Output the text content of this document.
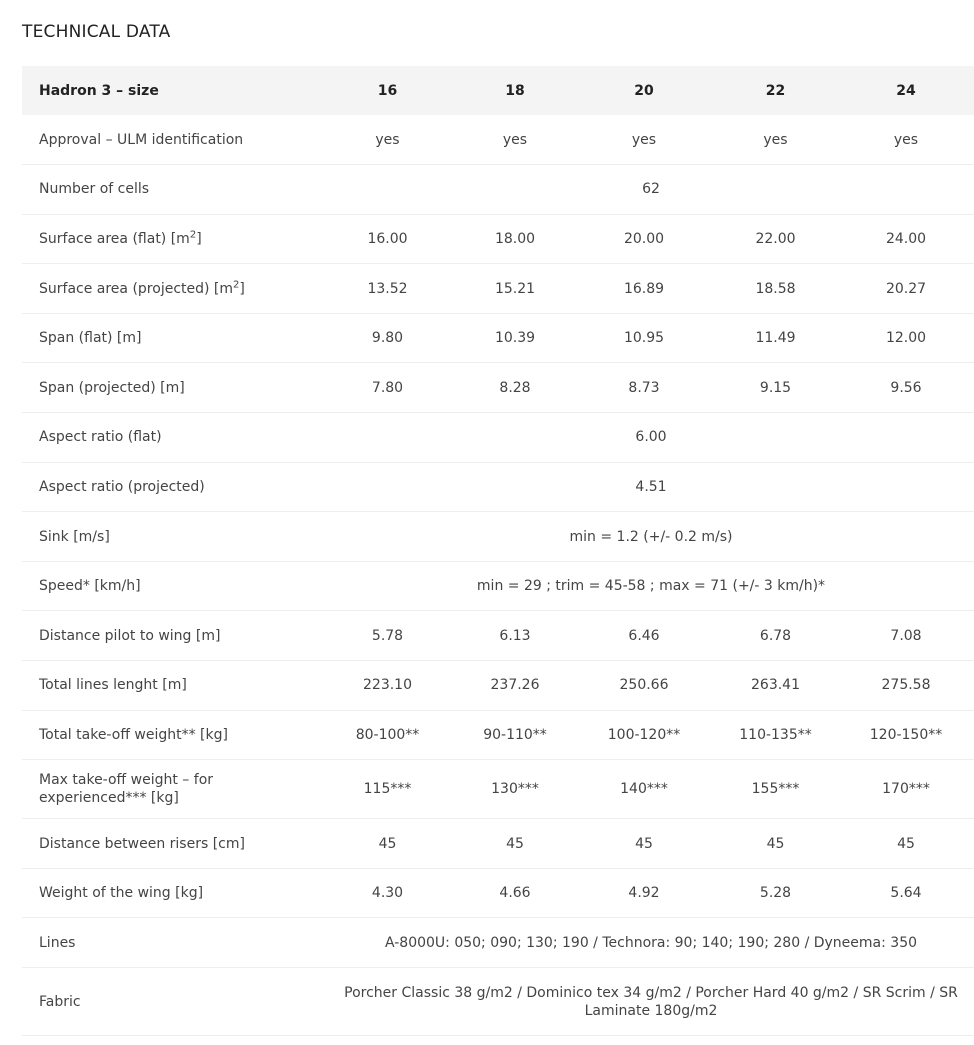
TECHNICAL DATA
Hadron 3 – size	16	18	20	22	24
Approval – ULM identification	yes	yes	yes	yes	yes
Number of cells	62				
Surface area (flat) $[m^2]$	16.00	18.00	20.00	22.00	24.00
Surface area (projected) $[m^2]$	13.52	15.21	16.89	18.58	20.27
Span (flat) [m]	9.80	10.39	10.95	11.49	12.00
Span (projected) [m]	7.80	8.28	8.73	9.15	9.56
Aspect ratio (flat)	6.00				
Aspect ratio (projected)	4.51				
Sink [m/s]	min = 1.2 (+/- 0.2 m/s)				
Speed* [km/h]	min = 29 ; trim = 45-58 ; max = 71 (+/- 3 km/h)*				
Distance pilot to wing [m]	5.78	6.13	6.46	6.78	7.08
Total lines lenght [m]	223.10	237.26	250.66	263.41	275.58
Total take-off weight** [kg]	80-100**	90-110**	100-120**	110-135**	120-150**
Max take-off weight – for experienced*** [kg]	115***	130***	140***	155***	170***
Distance between risers [cm]	45	45	45	45	45
Weight of the wing [kg]	4.30	4.66	4.92	5.28	5.64
Lines	A-8000U: 050; 090; 130; 190 / Technora: 90; 140; 190; 280 / Dyneema: 350				
Fabric	Porcher Classic 38 g/m2 / Dominico tex 34 g/m2 / Porcher Hard 40 g/m2 / SR Scrim / SR Laminate 180g/m2				
